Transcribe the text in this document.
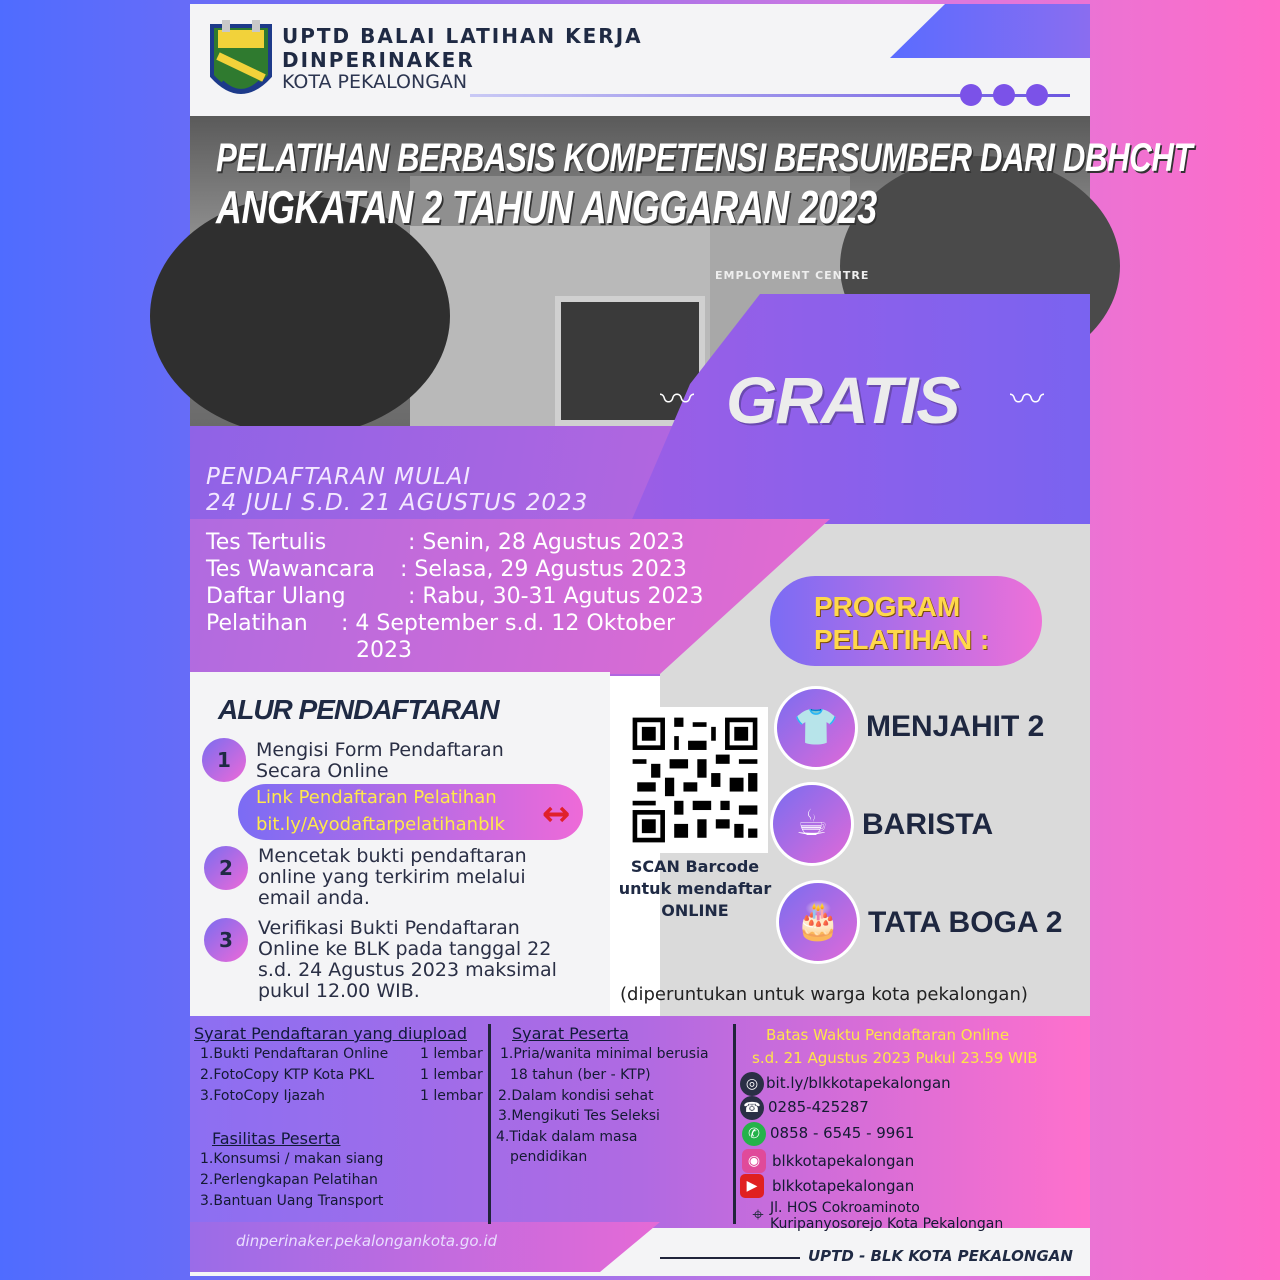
UPTD BALAI LATIHAN KERJA
DINPERINAKER
KOTA PEKALONGAN
EMPLOYMENT CENTRE
PELATIHAN BERBASIS KOMPETENSI BERSUMBER DARI DBHCHT
ANGKATAN 2 TAHUN ANGGARAN 2023
〰	〰
GRATIS
PENDAFTARAN MULAI
24 JULI S.D. 21 AGUSTUS 2023
Tes Tertulis	: Senin, 28 Agustus 2023
Tes Wawancara : Selasa, 29 Agustus 2023
Daftar Ulang	: Rabu, 30-31 Agutus 2023
Pelatihan : 4 September s.d. 12 Oktober
2023
PROGRAM
PELATIHAN :
👕 MENJAHIT 2
☕	BARISTA
🎂 TATA BOGA 2
(diperuntukan untuk warga kota pekalongan)
ALUR PENDAFTARAN
1	Mengisi Form Pendaftaran
Secara Online
Link Pendaftaran Pelatihan
bit.ly/Ayodaftarpelatihanblk ↔
SCAN Barcode
untuk mendaftar
ONLINE
2	Mencetak bukti pendaftaran
online yang terkirim melalui
email anda.
3	Verifikasi Bukti Pendaftaran
Online ke BLK pada tanggal 22
s.d. 24 Agustus 2023 maksimal
pukul 12.00 WIB.
Syarat Pendaftaran yang diupload
1.Bukti Pendaftaran Online 1 lembar
2.FotoCopy KTP Kota PKL	1 lembar
3.FotoCopy Ijazah	1 lembar
Fasilitas Peserta
1.Konsumsi / makan siang
2.Perlengkapan Pelatihan
3.Bantuan Uang Transport
Syarat Peserta
1.Pria/wanita minimal berusia
18 tahun (ber - KTP)
2.Dalam kondisi sehat
3.Mengikuti Tes Seleksi
4.Tidak dalam masa
pendidikan
Batas Waktu Pendaftaran Online
s.d. 21 Agustus 2023 Pukul 23.59 WIB
◎ bit.ly/blkkotapekalongan
☎ 0285-425287
✆ 0858 - 6545 - 9961
◉ blkkotapekalongan
▶ blkkotapekalongan
⌖ Jl. HOS Cokroaminoto
Kuripanyosorejo Kota Pekalongan
dinperinaker.pekalongankota.go.id
UPTD - BLK KOTA PEKALONGAN
